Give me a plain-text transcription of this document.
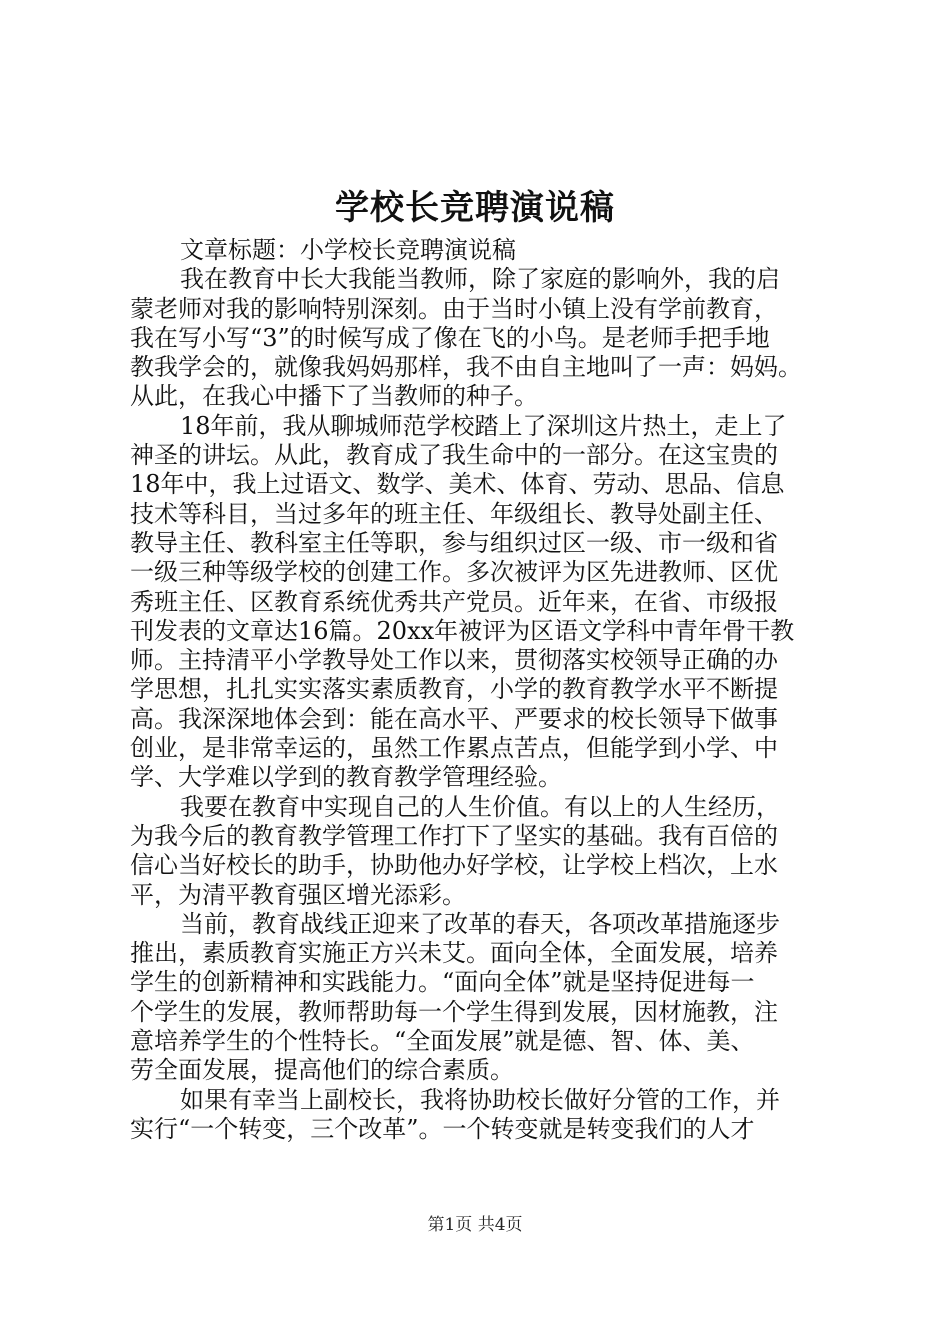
学校长竞聘演说稿
文章标题：小学校长竞聘演说稿
我在教育中长大我能当教师，除了家庭的影响外，我的启
蒙老师对我的影响特别深刻。由于当时小镇上没有学前教育，
我在写小写“3”的时候写成了像在飞的小鸟。是老师手把手地
教我学会的，就像我妈妈那样，我不由自主地叫了一声：妈妈。
从此，在我心中播下了当教师的种子。
18年前，我从聊城师范学校踏上了深圳这片热土，走上了
神圣的讲坛。从此，教育成了我生命中的一部分。在这宝贵的
18年中，我上过语文、数学、美术、体育、劳动、思品、信息
技术等科目，当过多年的班主任、年级组长、教导处副主任、
教导主任、教科室主任等职，参与组织过区一级、市一级和省
一级三种等级学校的创建工作。多次被评为区先进教师、区优
秀班主任、区教育系统优秀共产党员。近年来，在省、市级报
刊发表的文章达16篇。20xx年被评为区语文学科中青年骨干教
师。主持清平小学教导处工作以来，贯彻落实校领导正确的办
学思想，扎扎实实落实素质教育，小学的教育教学水平不断提
高。我深深地体会到：能在高水平、严要求的校长领导下做事
创业，是非常幸运的，虽然工作累点苦点，但能学到小学、中
学、大学难以学到的教育教学管理经验。
我要在教育中实现自己的人生价值。有以上的人生经历，
为我今后的教育教学管理工作打下了坚实的基础。我有百倍的
信心当好校长的助手，协助他办好学校，让学校上档次，上水
平，为清平教育强区增光添彩。
当前，教育战线正迎来了改革的春天，各项改革措施逐步
推出，素质教育实施正方兴未艾。面向全体，全面发展，培养
学生的创新精神和实践能力。“面向全体”就是坚持促进每一
个学生的发展，教师帮助每一个学生得到发展，因材施教，注
意培养学生的个性特长。“全面发展”就是德、智、体、美、
劳全面发展，提高他们的综合素质。
如果有幸当上副校长，我将协助校长做好分管的工作，并
实行“一个转变，三个改革”。一个转变就是转变我们的人才
第1页 共4页
